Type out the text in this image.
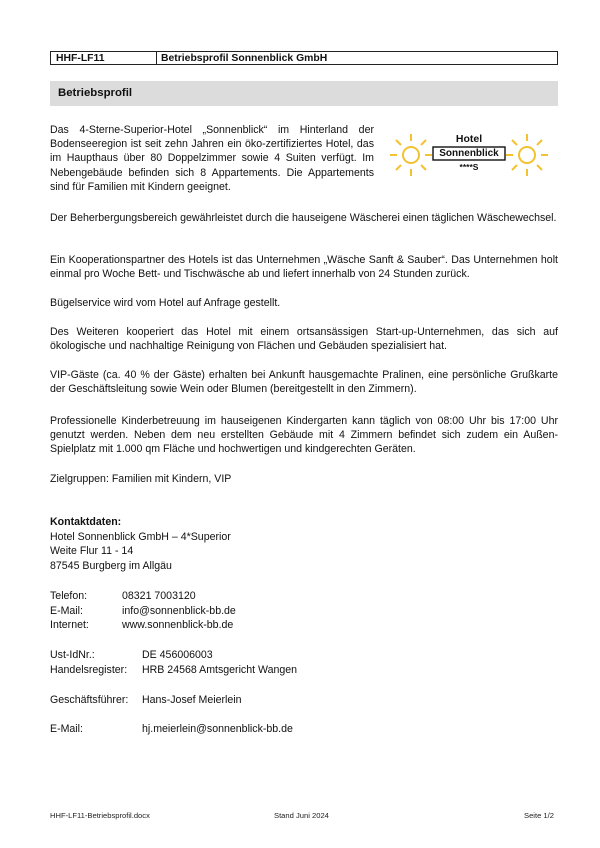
HHF-LF11	Betriebsprofil Sonnenblick GmbH
Betriebsprofil

Das 4-Sterne-Superior-Hotel „Sonnenblick“ im Hinterland der Bodenseeregion ist seit zehn Jahren ein öko-zertifiziertes Hotel, das im Haupthaus über 80 Doppelzimmer sowie 4 Suiten verfügt. Im Nebengebäude befinden sich 8 Appartements. Die Appartements sind für Familien mit Kindern geeignet.

Hotel
Sonnenblick
****S

Der Beherbergungsbereich gewährleistet durch die hauseigene Wäscherei einen täglichen Wäschewechsel.

Ein Kooperationspartner des Hotels ist das Unternehmen „Wäsche Sanft & Sauber“. Das Unternehmen holt einmal pro Woche Bett- und Tischwäsche ab und liefert innerhalb von 24 Stunden zurück.

Bügelservice wird vom Hotel auf Anfrage gestellt.

Des Weiteren kooperiert das Hotel mit einem ortsansässigen Start-up-Unternehmen, das sich auf ökologische und nachhaltige Reinigung von Flächen und Gebäuden spezialisiert hat.

VIP-Gäste (ca. 40 % der Gäste) erhalten bei Ankunft hausgemachte Pralinen, eine persönliche Grußkarte der Geschäftsleitung sowie Wein oder Blumen (bereitgestellt in den Zimmern).

Professionelle Kinderbetreuung im hauseigenen Kindergarten kann täglich von 08:00 Uhr bis 17:00 Uhr genutzt werden. Neben dem neu erstellten Gebäude mit 4 Zimmern befindet sich zudem ein Außen-Spielplatz mit 1.000 qm Fläche und hochwertigen und kindgerechten Geräten.

Zielgruppen: Familien mit Kindern, VIP

Kontaktdaten:
Hotel Sonnenblick GmbH – 4*Superior
Weite Flur 11 - 14
87545 Burgberg im Allgäu
Telefon:	08321 7003120
E-Mail:	info@sonnenblick-bb.de
Internet:	www.sonnenblick-bb.de
Ust-IdNr.:	DE 456006003
Handelsregister:	HRB 24568 Amtsgericht Wangen
Geschäftsführer:	Hans-Josef Meierlein
E-Mail:	hj.meierlein@sonnenblick-bb.de
HHF-LF11-Betriebsprofil.docx	Stand Juni 2024	Seite 1/2
